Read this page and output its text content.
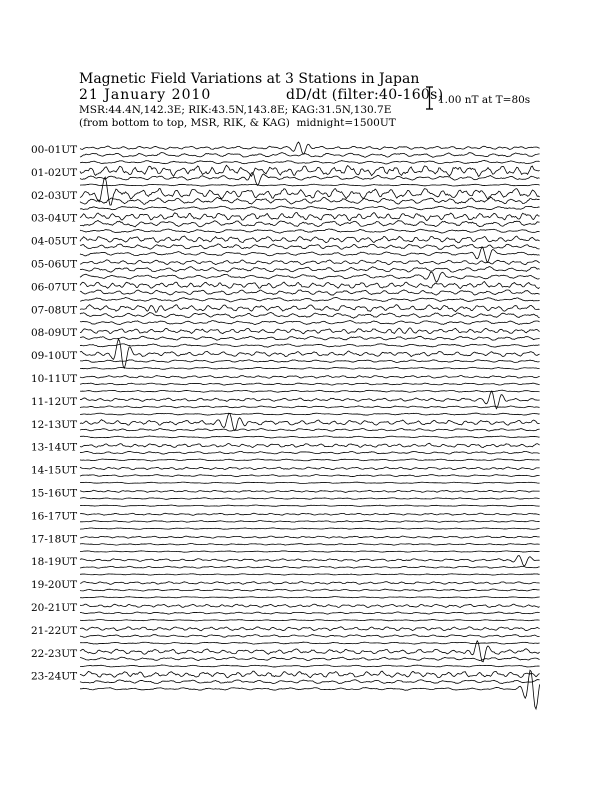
Magnetic Field Variations at 3 Stations in Japan
21 January 2010	dD/dt (filter:40-160s)
MSR:44.4N,142.3E; RIK:43.5N,143.8E; KAG:31.5N,130.7E
(from bottom to top, MSR, RIK, & KAG)  midnight=1500UT
1.00 nT at T=80s
00-01UT
01-02UT
02-03UT
03-04UT
04-05UT
05-06UT
06-07UT
07-08UT
08-09UT
09-10UT
10-11UT
11-12UT
12-13UT
13-14UT
14-15UT
15-16UT
16-17UT
17-18UT
18-19UT
19-20UT
20-21UT
21-22UT
22-23UT
23-24UT
